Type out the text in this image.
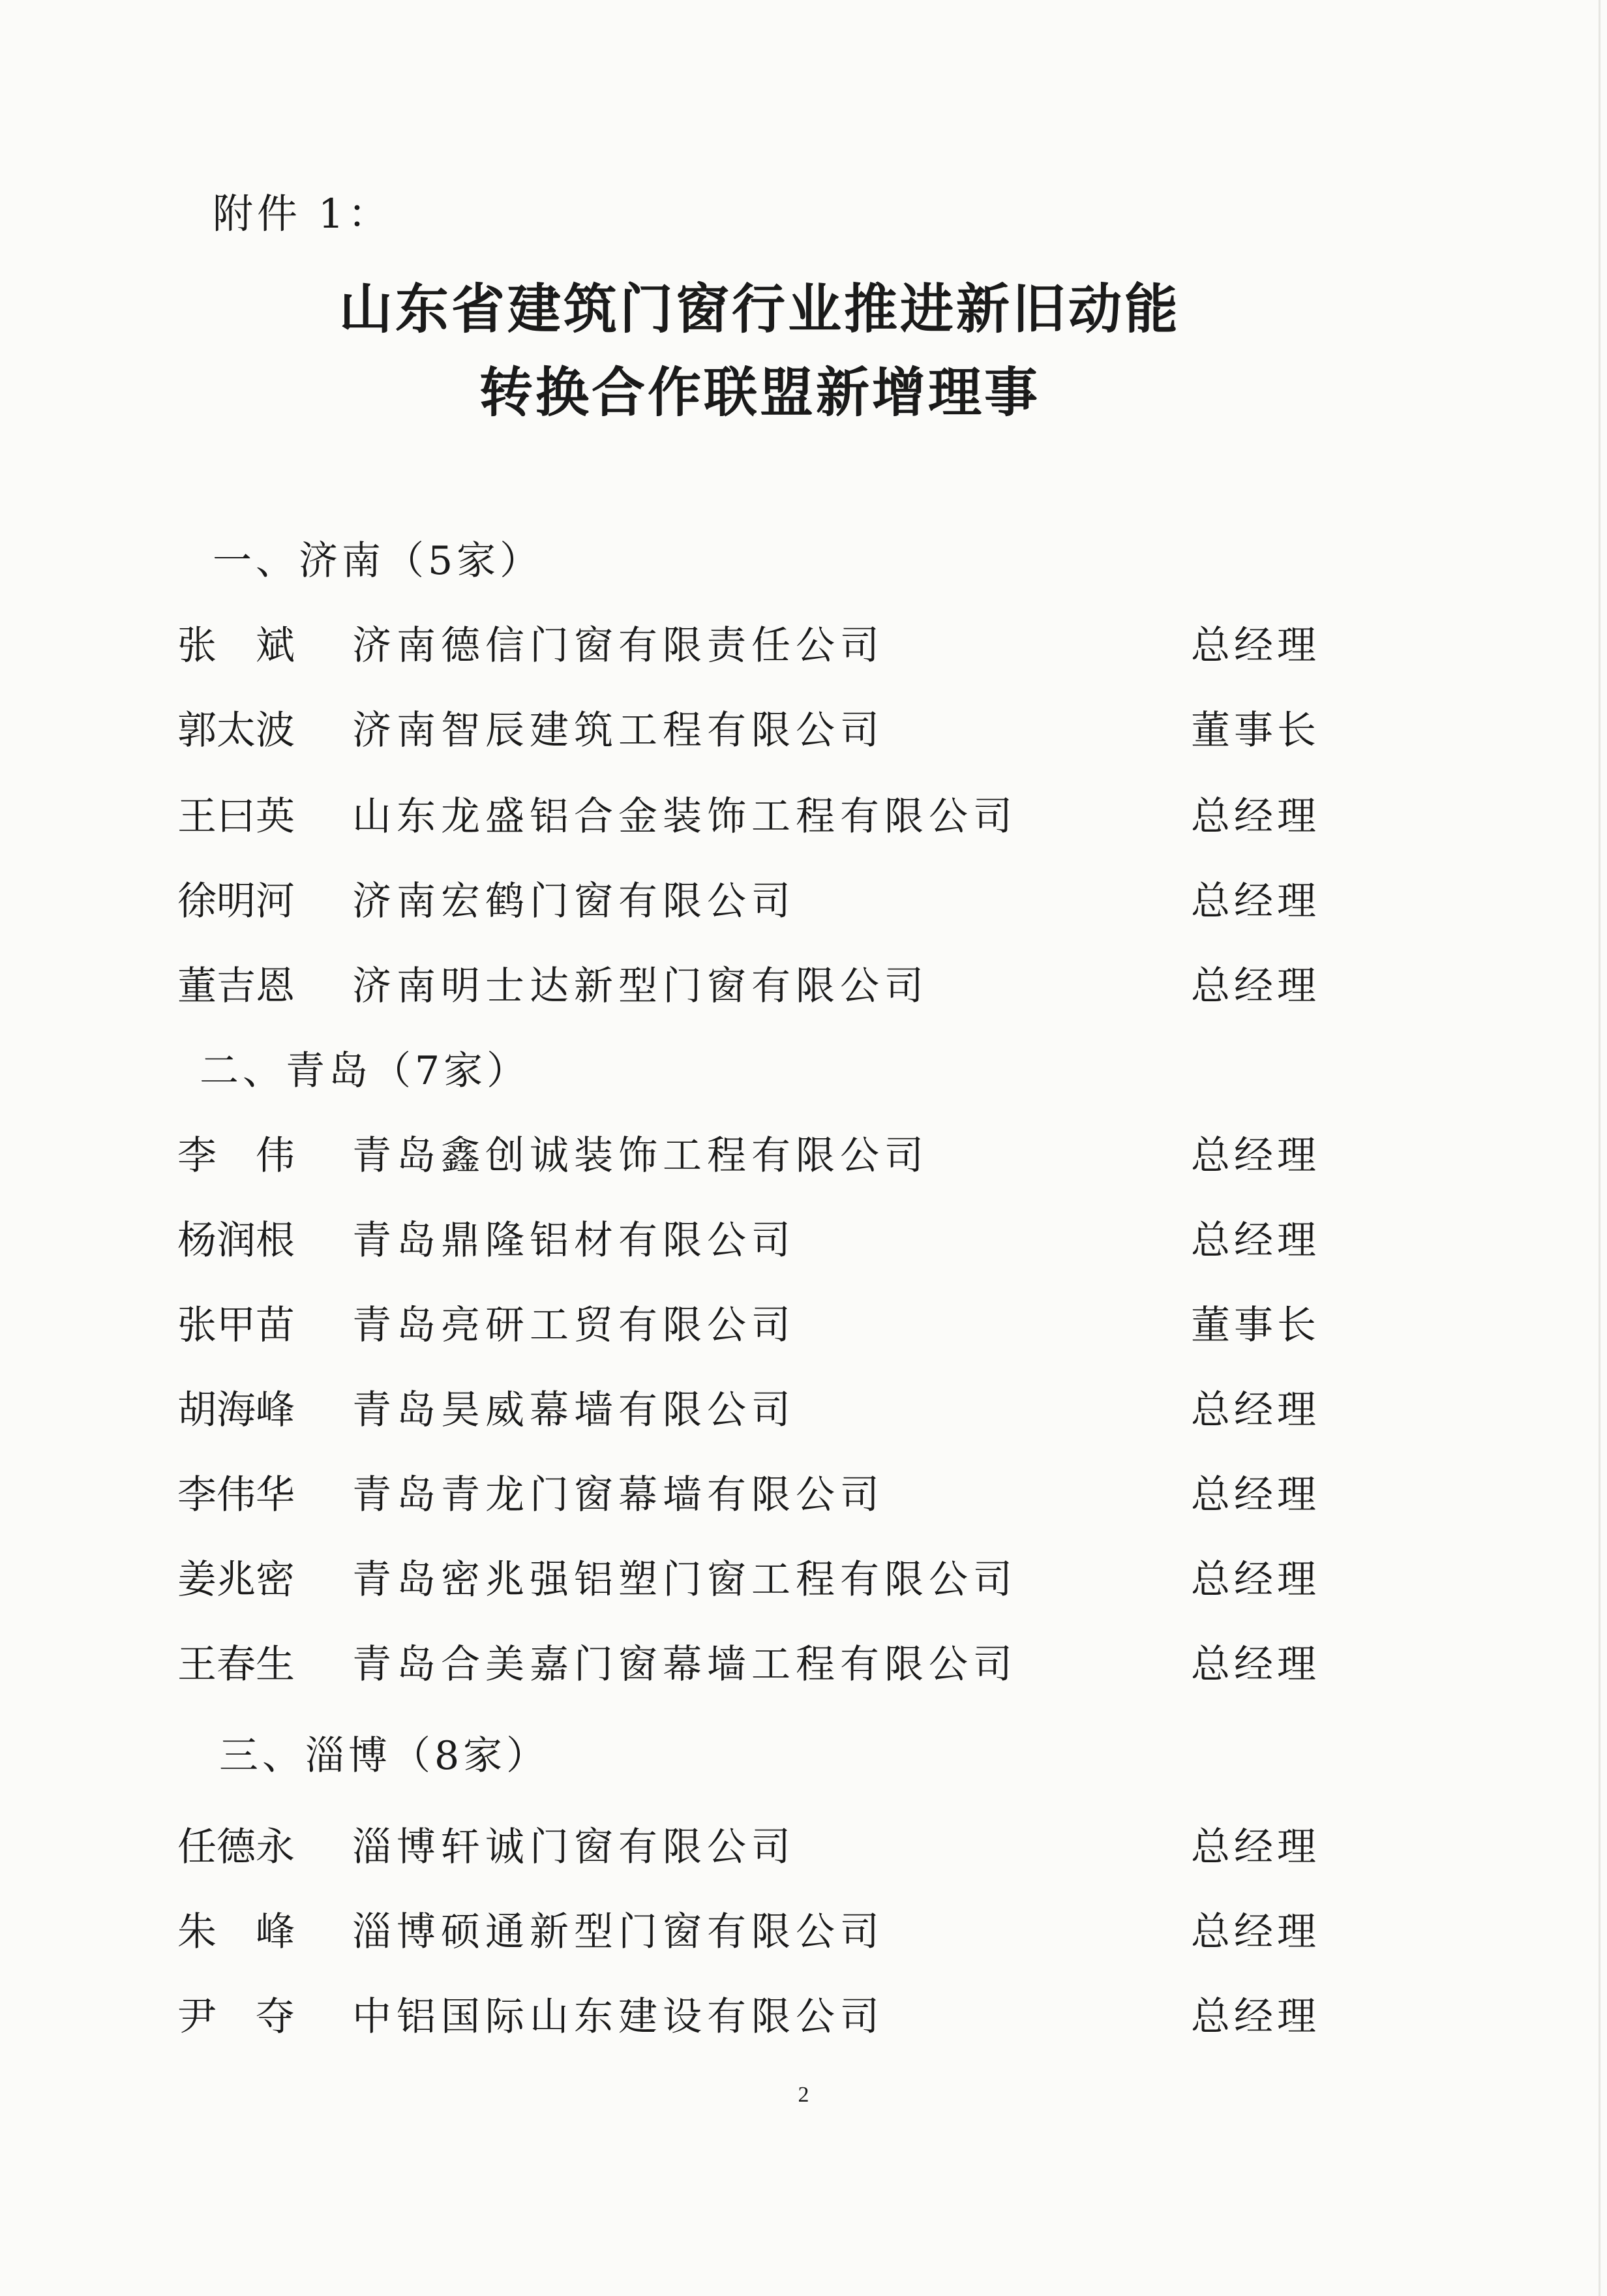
附件 1：
山东省建筑门窗行业推进新旧动能
转换合作联盟新增理事
一、济南（5家）
张　斌	济南德信门窗有限责任公司	总经理
郭太波	济南智辰建筑工程有限公司	董事长
王曰英	山东龙盛铝合金装饰工程有限公司	总经理
徐明河	济南宏鹤门窗有限公司	总经理
董吉恩	济南明士达新型门窗有限公司	总经理
二、青岛（7家）
李　伟	青岛鑫创诚装饰工程有限公司	总经理
杨润根	青岛鼎隆铝材有限公司	总经理
张甲苗	青岛亮研工贸有限公司	董事长
胡海峰	青岛昊威幕墙有限公司	总经理
李伟华	青岛青龙门窗幕墙有限公司	总经理
姜兆密	青岛密兆强铝塑门窗工程有限公司	总经理
王春生	青岛合美嘉门窗幕墙工程有限公司	总经理
三、淄博（8家）
任德永	淄博轩诚门窗有限公司	总经理
朱　峰	淄博硕通新型门窗有限公司	总经理
尹　夺	中铝国际山东建设有限公司	总经理
2
